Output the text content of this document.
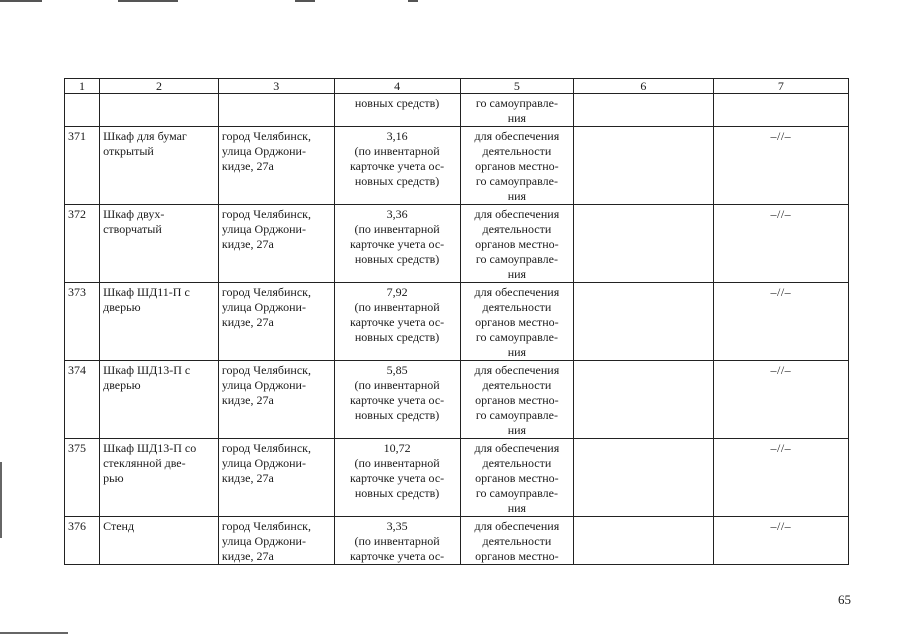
1	2	3	4	5	6	7

			новных средств)	го самоуправле-
ния		

371	Шкаф для бумаг
открытый	город Челябинск,
улица Орджони-
кидзе, 27а	3,16
(по инвентарной
карточке учета ос-
новных средств)	для обеспечения
деятельности
органов местно-
го самоуправле-
ния		–//–

372	Шкаф двух-
створчатый	город Челябинск,
улица Орджони-
кидзе, 27а	3,36
(по инвентарной
карточке учета ос-
новных средств)	для обеспечения
деятельности
органов местно-
го самоуправле-
ния		–//–

373	Шкаф ШД11-П с
дверью	город Челябинск,
улица Орджони-
кидзе, 27а	7,92
(по инвентарной
карточке учета ос-
новных средств)	для обеспечения
деятельности
органов местно-
го самоуправле-
ния		–//–

374	Шкаф ШД13-П с
дверью	город Челябинск,
улица Орджони-
кидзе, 27а	5,85
(по инвентарной
карточке учета ос-
новных средств)	для обеспечения
деятельности
органов местно-
го самоуправле-
ния		–//–

375	Шкаф ШД13-П со
стеклянной две-
рью	город Челябинск,
улица Орджони-
кидзе, 27а	10,72
(по инвентарной
карточке учета ос-
новных средств)	для обеспечения
деятельности
органов местно-
го самоуправле-
ния		–//–

376	Стенд	город Челябинск,
улица Орджони-
кидзе, 27а	3,35
(по инвентарной
карточке учета ос-	для обеспечения
деятельности
органов местно-		–//–
65
